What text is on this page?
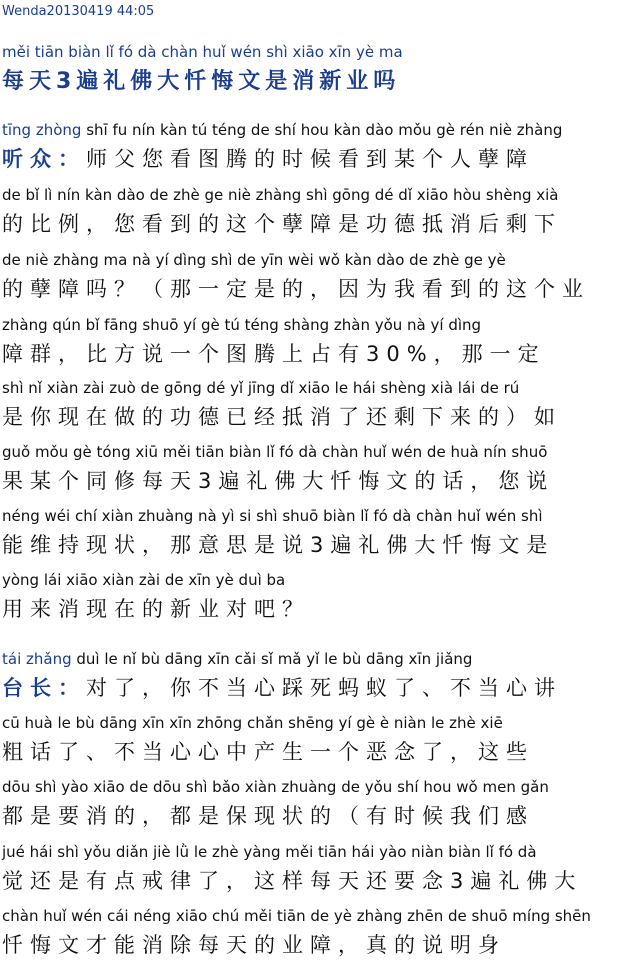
Wenda20130419 44:05
měi tiān biàn lǐ fó dà chàn huǐ wén shì xiāo xīn yè ma
每天3遍礼佛大忏悔文是消新业吗
tīng zhòng shī fu nín kàn tú téng de shí hou kàn dào mǒu gè rén niè zhàng
听众：师父您看图腾的时候看到某个人孽障
de bǐ lì nín kàn dào de zhè ge niè zhàng shì gōng dé dǐ xiāo hòu shèng xià
的比例，您看到的这个孽障是功德抵消后剩下
de niè zhàng ma nà yí dìng shì de yīn wèi wǒ kàn dào de zhè ge yè
的孽障吗？（那一定是的，因为我看到的这个业
zhàng qún bǐ fāng shuō yí gè tú téng shàng zhàn yǒu nà yí dìng
障群，比方说一个图腾上占有30%，那一定
shì nǐ xiàn zài zuò de gōng dé yǐ jīng dǐ xiāo le hái shèng xià lái de rú
是你现在做的功德已经抵消了还剩下来的）如
guǒ mǒu gè tóng xiū měi tiān biàn lǐ fó dà chàn huǐ wén de huà nín shuō
果某个同修每天3遍礼佛大忏悔文的话，您说
néng wéi chí xiàn zhuàng nà yì si shì shuō biàn lǐ fó dà chàn huǐ wén shì
能维持现状，那意思是说3遍礼佛大忏悔文是
yòng lái xiāo xiàn zài de xīn yè duì ba
用来消现在的新业对吧？
tái zhǎng duì le nǐ bù dāng xīn cǎi sǐ mǎ yǐ le bù dāng xīn jiǎng
台长：对了，你不当心踩死蚂蚁了、不当心讲
cū huà le bù dāng xīn xīn zhōng chǎn shēng yí gè è niàn le zhè xiē
粗话了、不当心心中产生一个恶念了，这些
dōu shì yào xiāo de dōu shì bǎo xiàn zhuàng de yǒu shí hou wǒ men gǎn
都是要消的，都是保现状的（有时候我们感
jué hái shì yǒu diǎn jiè lǜ le zhè yàng měi tiān hái yào niàn biàn lǐ fó dà
觉还是有点戒律了，这样每天还要念3遍礼佛大
chàn huǐ wén cái néng xiāo chú měi tiān de yè zhàng zhēn de shuō míng shēn
忏悔文才能消除每天的业障，真的说明身
